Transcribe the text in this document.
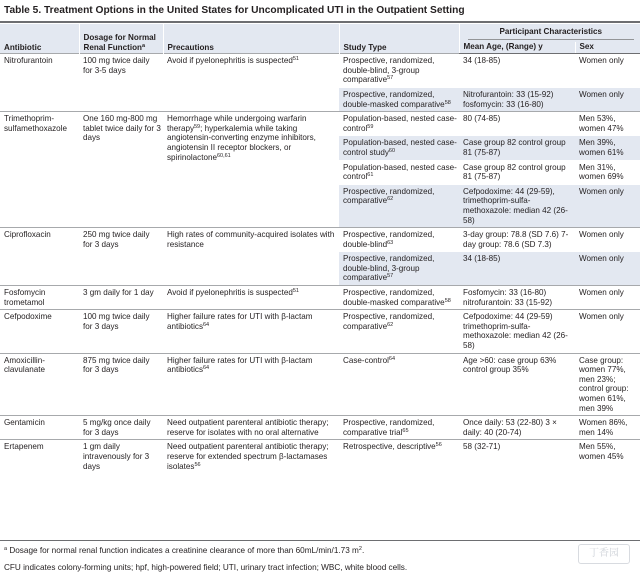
Table 5. Treatment Options in the United States for Uncomplicated UTI in the Outpatient Setting
Antibiotic	Dosage for Normal Renal Function$^a$	Precautions	Study Type	Participant Characteristics	

				Mean Age, (Range) y	Sex
Nitrofurantoin	100 mg twice daily for 3-5 days	Avoid if pyelonephritis is suspected$^{51}$	Prospective, randomized, double-blind, 3-group comparative$^{57}$	34 (18-85)	Women only
			Prospective, randomized, double-masked comparative$^{58}$	Nitrofurantoin: 33 (15-92) fosfomycin: 33 (16-80)	Women only
Trimethoprim-sulfamethoxazole	One 160 mg-800 mg tablet twice daily for 3 days	Hemorrhage while undergoing warfarin therapy$^{59}$; hyperkalemia while taking angiotensin-converting enzyme inhibitors, angiotensin II receptor blockers, or spirinolactone$^{60,61}$	Population-based, nested case-control$^{59}$	80 (74-85)	Men 53%, women 47%
			Population-based, nested case-control study$^{60}$	Case group 82 control group 81 (75-87)	Men 39%, women 61%
			Population-based, nested case-control$^{61}$	Case group 82 control group 81 (75-87)	Men 31%, women 69%
			Prospective, randomized, comparative$^{62}$	Cefpodoxime: 44 (29-59), trimethoprim-sulfa-methoxazole: median 42 (26-58)	Women only
Ciprofloxacin	250 mg twice daily for 3 days	High rates of community-acquired isolates with resistance	Prospective, randomized, double-blind$^{63}$	3-day group: 78.8 (SD 7.6) 7-day group: 78.6 (SD 7.3)	Women only
			Prospective, randomized, double-blind, 3-group comparative$^{57}$	34 (18-85)	Women only
Fosfomycin trometamol	3 gm daily for 1 day	Avoid if pyelonephritis is suspected$^{51}$	Prospective, randomized, double-masked comparative$^{58}$	Fosfomycin: 33 (16-80) nitrofurantoin: 33 (15-92)	Women only
Cefpodoxime	100 mg twice daily for 3 days	Higher failure rates for UTI with β-lactam antibiotics$^{64}$	Prospective, randomized, comparative$^{62}$	Cefpodoxime: 44 (29-59) trimethoprim-sulfa-methoxazole: median 42 (26-58)	Women only
Amoxicillin-clavulanate	875 mg twice daily for 3 days	Higher failure rates for UTI with β-lactam antibiotics$^{64}$	Case-control$^{64}$	Age >60: case group 63% control group 35%	Case group: women 77%, men 23%; control group: women 61%, men 39%
Gentamicin	5 mg/kg once daily for 3 days	Need outpatient parenteral antibiotic therapy; reserve for isolates with no oral alternative	Prospective, randomized, comparative trial$^{65}$	Once daily: 53 (22-80) 3 × daily: 40 (20-74)	Women 86%, men 14%
Ertapenem	1 gm daily intravenously for 3 days	Need outpatient parenteral antibiotic therapy; reserve for extended spectrum β-lactamases isolates$^{56}$	Retrospective, descriptive$^{56}$	58 (32-71)	Men 55%, women 45%
$^a$ Dosage for normal renal function indicates a creatinine clearance of more than 60mL/min/1.73 $m^2$.
CFU indicates colony-forming units; hpf, high-powered field; UTI, urinary tract infection; WBC, white blood cells.
丁香园
